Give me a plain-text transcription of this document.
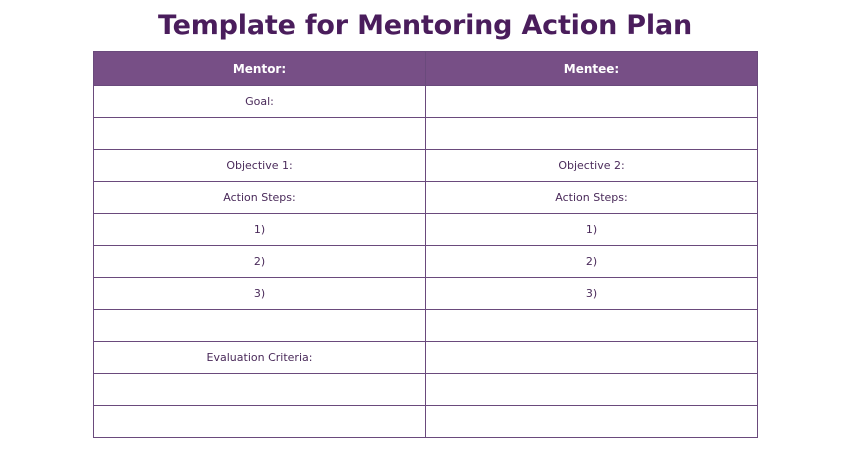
Template for Mentoring Action Plan
Mentor:	Mentee:
Goal:	

Objective 1:	Objective 2:
Action Steps:	Action Steps:
1)	1)
2)	2)
3)	3)

Evaluation Criteria:	
